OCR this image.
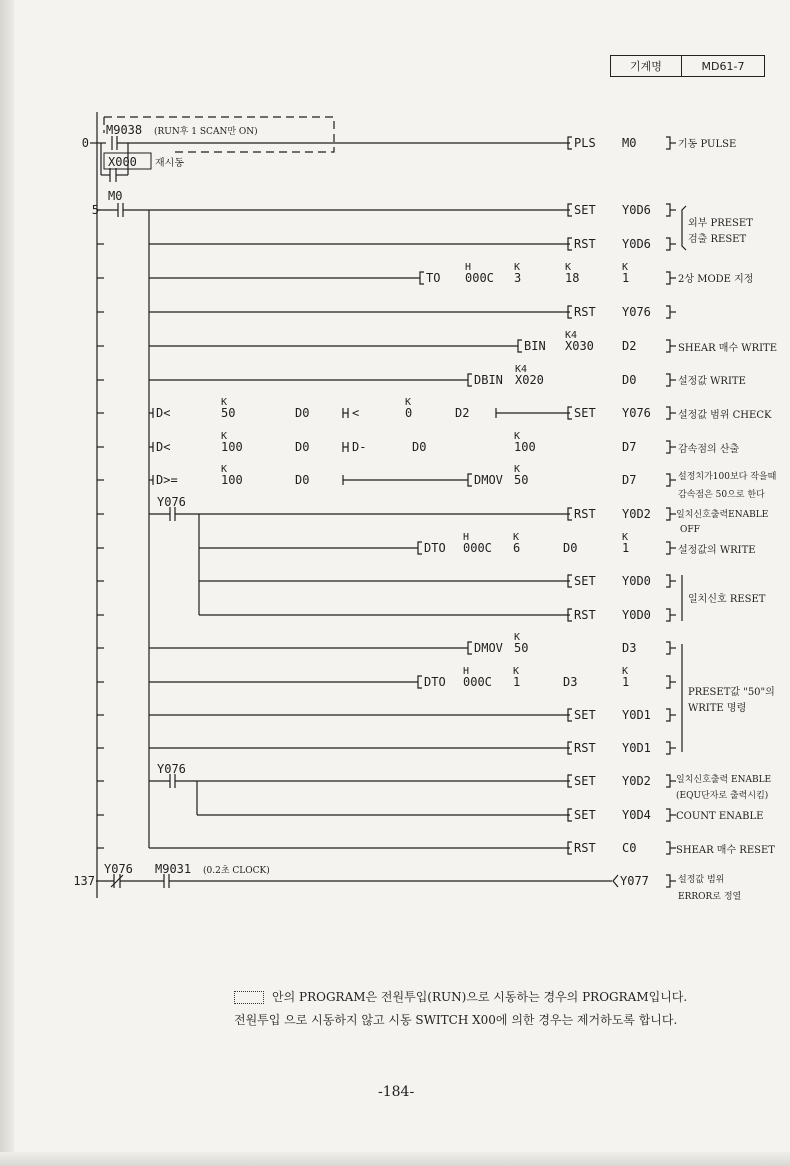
기계명	MD61-7
0
5
137
M9038 (RUN후 1 SCAN만 ON)
X000 재시동
M0
Y076
Y076
Y076 M9031 (0.2초 CLOCK)
PLS M0
SET Y0D6
RST Y0D6
TO
H
000C
K
3
K
18
K
1
RST Y076
BIN
K4
X030 D2
DBIN
K4
X020	D0
D<
K
50	D0	<
K
0	D2	SET Y076
D<
K
100	D0	D-	D0
K
100	D7
D>=
K
100	D0	DMOV
K
50	D7
RST Y0D2
DTO
H
000C
K
6	D0
K
1
SET Y0D0
RST Y0D0
DMOV
K
50	D3
DTO
H
000C
K
1	D3
K
1
SET Y0D1
RST Y0D1
SET Y0D2
SET Y0D4
RST C0
Y077
기동 PULSE
외부 PRESET
검출 RESET
2상 MODE 지정
SHEAR 매수 WRITE
설정값 WRITE
설정값 범위 CHECK
감속점의 산출
설정치가100보다 작을때
감속점은 50으로 한다
일치신호출력ENABLE
OFF
설정값의 WRITE
일치신호 RESET
PRESET값 "50"의
WRITE 명령
일치신호출력 ENABLE
(EQU단자로 출력시킴)
COUNT ENABLE
SHEAR 매수 RESET
설정값 범위
ERROR로 정열
안의 PROGRAM은 전원투입(RUN)으로 시동하는 경우의 PROGRAM입니다.
전원투입 으로 시동하지 않고 시동 SWITCH X00에 의한 경우는 제거하도록 합니다.
-184-
